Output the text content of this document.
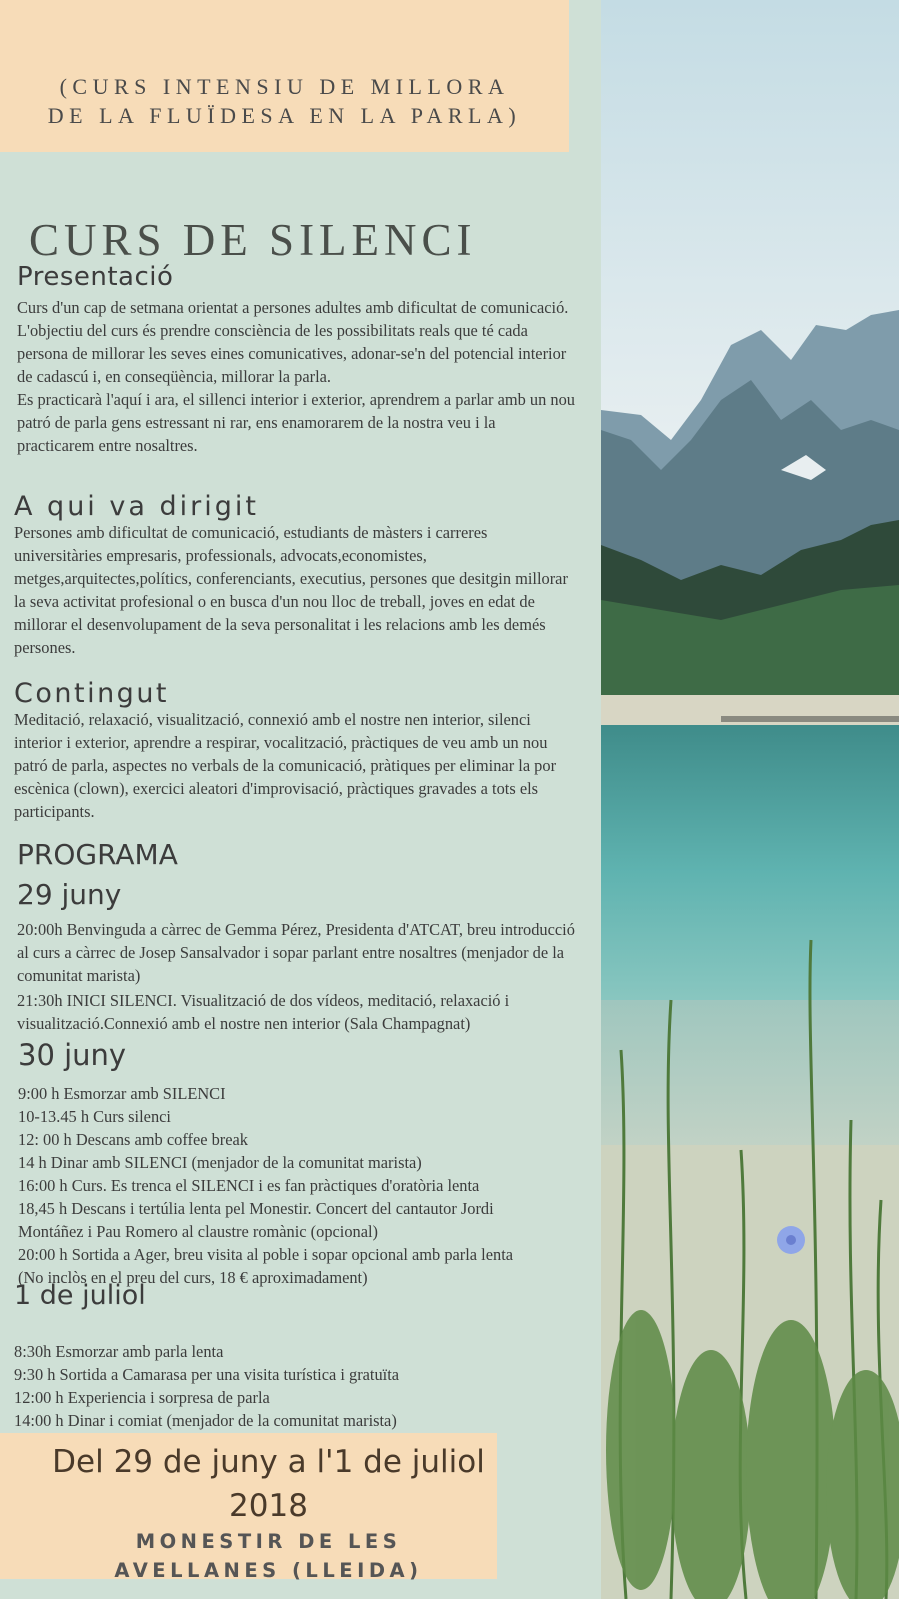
(CURS INTENSIU DE MILLORA
DE LA FLUÏDESA EN LA PARLA)
CURS DE SILENCI
Presentació
Curs d'un cap de setmana orientat a persones adultes amb dificultat de comunicació. L'objectiu del curs és prendre consciència de les possibilitats reals que té cada persona de millorar les seves eines comunicatives, adonar-se'n del potencial interior de cadascú i, en conseqüència, millorar la parla.
Es practicarà l'aquí i ara, el sillenci interior i exterior, aprendrem a parlar amb un nou patró de parla gens estressant ni rar, ens enamorarem de la nostra veu i la practicarem entre nosaltres.
A qui va dirigit

Persones amb dificultat de comunicació, estudiants de màsters i carreres universitàries empresaris, professionals, advocats,economistes, metges,arquitectes,polítics, conferenciants, executius, persones que desitgin millorar la seva activitat profesional o en busca d'un nou lloc de treball, joves en edat de millorar el desenvolupament de la seva personalitat i les relacions amb les demés persones.

Contingut

Meditació, relaxació, visualització, connexió amb el nostre nen interior, silenci interior i exterior, aprendre a respirar, vocalització, pràctiques de veu amb un nou patró de parla, aspectes no verbals de la comunicació, pràtiques per eliminar la por escènica (clown), exercici aleatori d'improvisació, pràctiques gravades a tots els participants.

PROGRAMA
29 juny

20:00h Benvinguda a càrrec de Gemma Pérez, Presidenta d'ATCAT, breu introducció al curs a càrrec de Josep Sansalvador i sopar parlant entre nosaltres (menjador de la comunitat marista)

21:30h INICI SILENCI. Visualització de dos vídeos, meditació, relaxació i visualització.Connexió amb el nostre nen interior (Sala Champagnat)

30 juny
9:00 h Esmorzar amb SILENCI
10-13.45 h Curs silenci
12: 00 h Descans amb coffee break
14 h Dinar amb SILENCI (menjador de la comunitat marista)
16:00 h Curs. Es trenca el SILENCI i es fan pràctiques d'oratòria lenta
18,45 h Descans i tertúlia lenta pel Monestir. Concert del cantautor Jordi
Montáñez i Pau Romero al claustre romànic (opcional)
20:00 h Sortida a Ager, breu visita al poble i sopar opcional amb parla lenta
(No inclòs en el preu del curs, 18 € aproximadament)
1 de juliol
8:30h Esmorzar amb parla lenta
9:30 h Sortida a Camarasa per una visita turística i gratuïta
12:00 h Experiencia i sorpresa de parla
14:00 h Dinar i comiat (menjador de la comunitat marista)
Del 29 de juny a l'1 de juliol
2018
MONESTIR DE LES
AVELLANES (LLEIDA)
